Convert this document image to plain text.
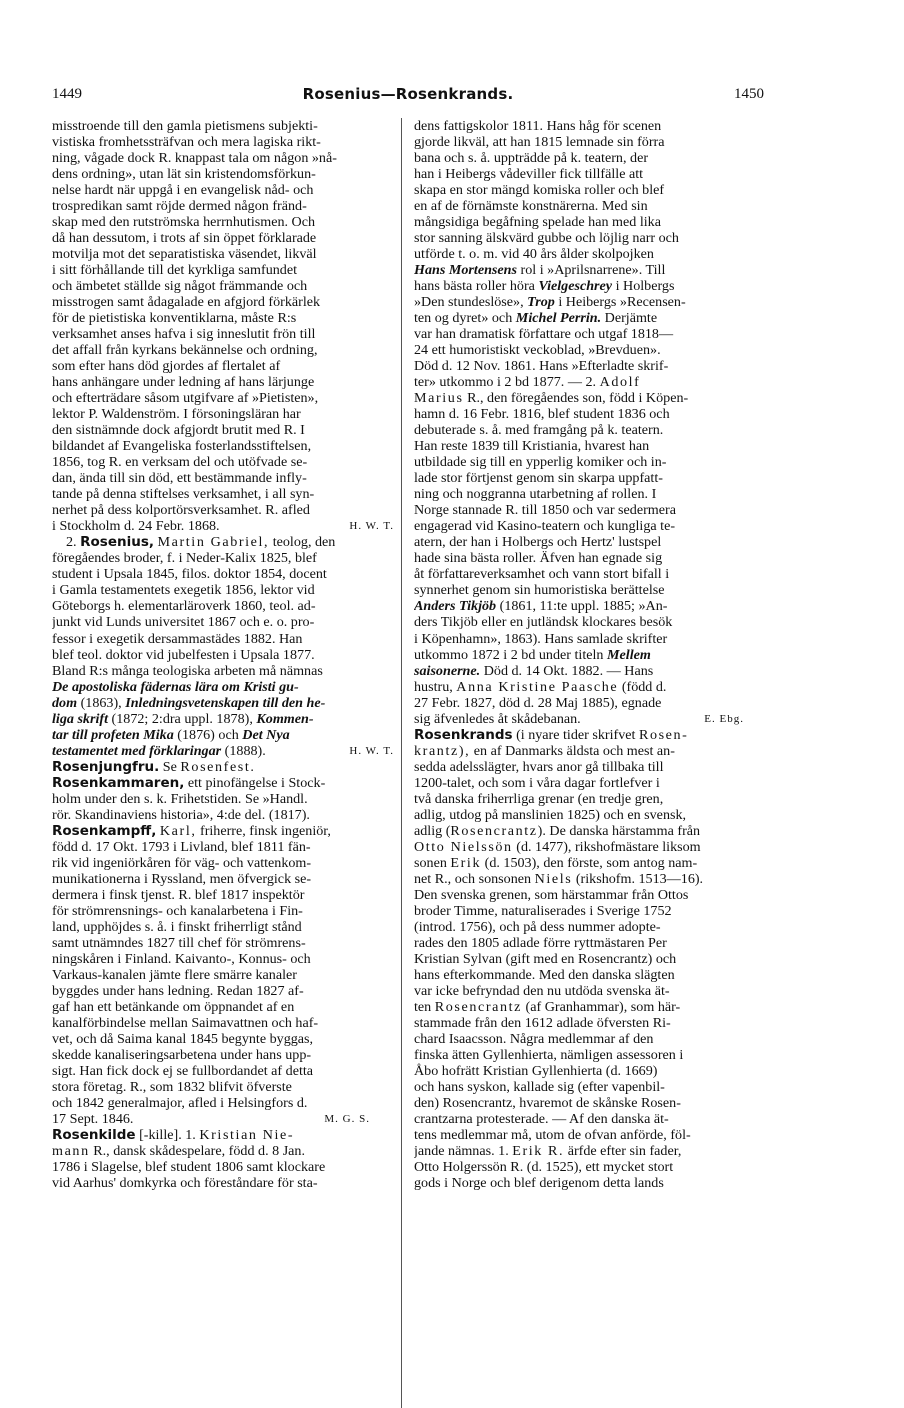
1449	Rosenius—Rosenkrands.	1450
misstroende till den gamla pietismens subjekti-
vistiska fromhetssträfvan och mera lagiska rikt-
ning, vågade dock R. knappast tala om någon »nå-
dens ordning», utan lät sin kristendomsförkun-
nelse hardt när uppgå i en evangelisk nåd- och
trospredikan samt röjde dermed någon fränd-
skap med den rutströmska herrnhutismen. Och
då han dessutom, i trots af sin öppet förklarade
motvilja mot det separatistiska väsendet, likväl
i sitt förhållande till det kyrkliga samfundet
och ämbetet ställde sig något främmande och
misstrogen samt ådagalade en afgjord förkärlek
för de pietistiska konventiklarna, måste R:s
verksamhet anses hafva i sig inneslutit frön till
det affall från kyrkans bekännelse och ordning,
som efter hans död gjordes af flertalet af
hans anhängare under ledning af hans lärjunge
och efterträdare såsom utgifvare af »Pietisten»,
lektor P. Waldenström. I försoningsläran har
den sistnämnde dock afgjordt brutit med R. I
bildandet af Evangeliska fosterlandsstiftelsen,
1856, tog R. en verksam del och utöfvade se-
dan, ända till sin död, ett bestämmande infly-
tande på denna stiftelses verksamhet, i all syn-
nerhet på dess kolportörsverksamhet. R. afled
i Stockholm d. 24 Febr. 1868.	H. W. T.
2. Rosenius, Martin Gabriel, teolog, den
föregåendes broder, f. i Neder-Kalix 1825, blef
student i Upsala 1845, filos. doktor 1854, docent
i Gamla testamentets exegetik 1856, lektor vid
Göteborgs h. elementarläroverk 1860, teol. ad-
junkt vid Lunds universitet 1867 och e. o. pro-
fessor i exegetik dersammastädes 1882. Han
blef teol. doktor vid jubelfesten i Upsala 1877.
Bland R:s många teologiska arbeten må nämnas
De apostoliska fädernas lära om Kristi gu-
dom (1863), Inledningsvetenskapen till den he-
liga skrift (1872; 2:dra uppl. 1878), Kommen-
tar till profeten Mika (1876) och Det Nya
testamentet med förklaringar (1888).	H. W. T.
Rosenjungfru. Se Rosenfest.
Rosenkammaren, ett pinofängelse i Stock-
holm under den s. k. Frihetstiden. Se »Handl.
rör. Skandinaviens historia», 4:de del. (1817).
Rosenkampff, Karl, friherre, finsk ingeniör,
född d. 17 Okt. 1793 i Livland, blef 1811 fän-
rik vid ingeniörkåren för väg- och vattenkom-
munikationerna i Ryssland, men öfvergick se-
dermera i finsk tjenst. R. blef 1817 inspektör
för strömrensnings- och kanalarbetena i Fin-
land, upphöjdes s. å. i finskt friherrligt stånd
samt utnämndes 1827 till chef för strömrens-
ningskåren i Finland. Kaivanto-, Konnus- och
Varkaus-kanalen jämte flere smärre kanaler
byggdes under hans ledning. Redan 1827 af-
gaf han ett betänkande om öppnandet af en
kanalförbindelse mellan Saimavattnen och haf-
vet, och då Saima kanal 1845 begynte byggas,
skedde kanaliseringsarbetena under hans upp-
sigt. Han fick dock ej se fullbordandet af detta
stora företag. R., som 1832 blifvit öfverste
och 1842 generalmajor, afled i Helsingfors d.
17 Sept. 1846.	M. G. S.
Rosenkilde [-kille]. 1. Kristian Nie-
mann R., dansk skådespelare, född d. 8 Jan.
1786 i Slagelse, blef student 1806 samt klockare
vid Aarhus' domkyrka och föreståndare för sta-
dens fattigskolor 1811. Hans håg för scenen
gjorde likväl, att han 1815 lemnade sin förra
bana och s. å. uppträdde på k. teatern, der
han i Heibergs vådeviller fick tillfälle att
skapa en stor mängd komiska roller och blef
en af de förnämste konstnärerna. Med sin
mångsidiga begåfning spelade han med lika
stor sanning älskvärd gubbe och löjlig narr och
utförde t. o. m. vid 40 års ålder skolpojken
Hans Mortensens rol i »Aprilsnarrene». Till
hans bästa roller höra Vielgeschrey i Holbergs
»Den stundeslöse», Trop i Heibergs »Recensen-
ten og dyret» och Michel Perrin. Derjämte
var han dramatisk författare och utgaf 1818—
24 ett humoristiskt veckoblad, »Brevduen».
Död d. 12 Nov. 1861. Hans »Efterladte skrif-
ter» utkommo i 2 bd 1877. — 2. Adolf
Marius R., den föregåendes son, född i Köpen-
hamn d. 16 Febr. 1816, blef student 1836 och
debuterade s. å. med framgång på k. teatern.
Han reste 1839 till Kristiania, hvarest han
utbildade sig till en ypperlig komiker och in-
lade stor förtjenst genom sin skarpa uppfatt-
ning och noggranna utarbetning af rollen. I
Norge stannade R. till 1850 och var sedermera
engagerad vid Kasino-teatern och kungliga te-
atern, der han i Holbergs och Hertz' lustspel
hade sina bästa roller. Äfven han egnade sig
åt författareverksamhet och vann stort bifall i
synnerhet genom sin humoristiska berättelse
Anders Tikjöb (1861, 11:te uppl. 1885; »An-
ders Tikjöb eller en jutländsk klockares besök
i Köpenhamn», 1863). Hans samlade skrifter
utkommo 1872 i 2 bd under titeln Mellem
saisonerne. Död d. 14 Okt. 1882. — Hans
hustru, Anna Kristine Paasche (född d.
27 Febr. 1827, död d. 28 Maj 1885), egnade
sig äfvenledes åt skådebanan.	E. Ebg.
Rosenkrands (i nyare tider skrifvet Rosen-
krantz), en af Danmarks äldsta och mest an-
sedda adelsslägter, hvars anor gå tillbaka till
1200-talet, och som i våra dagar fortlefver i
två danska friherrliga grenar (en tredje gren,
adlig, utdog på manslinien 1825) och en svensk,
adlig (Rosencrantz). De danska härstamma från
Otto Nielssön (d. 1477), rikshofmästare liksom
sonen Erik (d. 1503), den förste, som antog nam-
net R., och sonsonen Niels (rikshofm. 1513—16).
Den svenska grenen, som härstammar från Ottos
broder Timme, naturaliserades i Sverige 1752
(introd. 1756), och på dess nummer adopte-
rades den 1805 adlade förre ryttmästaren Per
Kristian Sylvan (gift med en Rosencrantz) och
hans efterkommande. Med den danska slägten
var icke befryndad den nu utdöda svenska ät-
ten Rosencrantz (af Granhammar), som här-
stammade från den 1612 adlade öfversten Ri-
chard Isaacsson. Några medlemmar af den
finska ätten Gyllenhierta, nämligen assessoren i
Åbo hofrätt Kristian Gyllenhierta (d. 1669)
och hans syskon, kallade sig (efter vapenbil-
den) Rosencrantz, hvaremot de skånske Rosen-
crantzarna protesterade. — Af den danska ät-
tens medlemmar må, utom de ofvan anförde, föl-
jande nämnas. 1. Erik R. ärfde efter sin fader,
Otto Holgerssön R. (d. 1525), ett mycket stort
gods i Norge och blef derigenom detta lands
